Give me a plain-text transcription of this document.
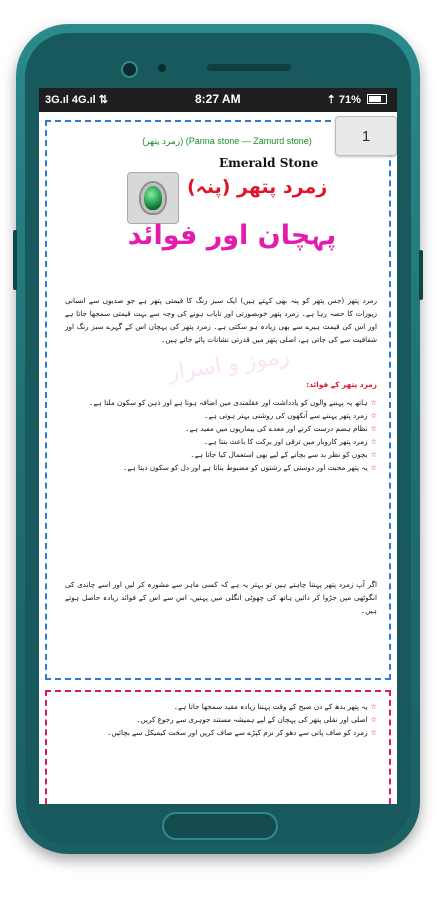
3G.ıl 4G.ıl ⇅	8:27 AM	⇡ 71%
(زمرد پتھر) (Panna stone — Zamurd stone)
Emerald Stone
زمرد پتھر (پنہ)
پہچان اور فوائد
رموز و اسرار
زمرد پتھر (جس پتھر کو پنہ بھی کہتے ہیں) ایک سبز رنگ کا قیمتی پتھر ہے جو صدیوں سے انسانی زیورات کا حصہ رہا ہے۔ زمرد پتھر خوبصورتی اور نایاب ہونے کی وجہ سے بہت قیمتی سمجھا جاتا ہے اور اس کی قیمت ہیرے سے بھی زیادہ ہو سکتی ہے۔ زمرد پتھر کی پہچان اس کے گہرے سبز رنگ اور شفافیت سے کی جاتی ہے، اصلی پتھر میں قدرتی نشانات پائے جاتے ہیں۔
زمرد پتھر کے فوائد:
☆ہاتھ پہ پہننے والوں کو یادداشت اور عقلمندی میں اضافہ ہوتا ہے اور ذہن کو سکون ملتا ہے۔
☆زمرد پتھر پہننے سے آنکھوں کی روشنی بہتر ہوتی ہے۔
☆نظام ہضم درست کرنے اور معدے کی بیماریوں میں مفید ہے۔
☆زمرد پتھر کاروبار میں ترقی اور برکت کا باعث بنتا ہے۔
☆بچوں کو نظر بد سے بچانے کے لیے بھی استعمال کیا جاتا ہے۔
☆یہ پتھر محبت اور دوستی کے رشتوں کو مضبوط بناتا ہے اور دل کو سکون دیتا ہے۔
اگر آپ زمرد پتھر پہننا چاہتے ہیں تو بہتر یہ ہے کہ کسی ماہر سے مشورہ کر لیں اور اسے چاندی کی انگوٹھی میں جڑوا کر دائیں ہاتھ کی چھوٹی انگلی میں پہنیں، اس سے اس کے فوائد زیادہ حاصل ہوتے ہیں۔
1
☆یہ پتھر بدھ کے دن صبح کے وقت پہننا زیادہ مفید سمجھا جاتا ہے۔
☆اصلی اور نقلی پتھر کی پہچان کے لیے ہمیشہ مستند جوہری سے رجوع کریں۔
☆زمرد کو صاف پانی سے دھو کر نرم کپڑے سے صاف کریں اور سخت کیمیکل سے بچائیں۔
